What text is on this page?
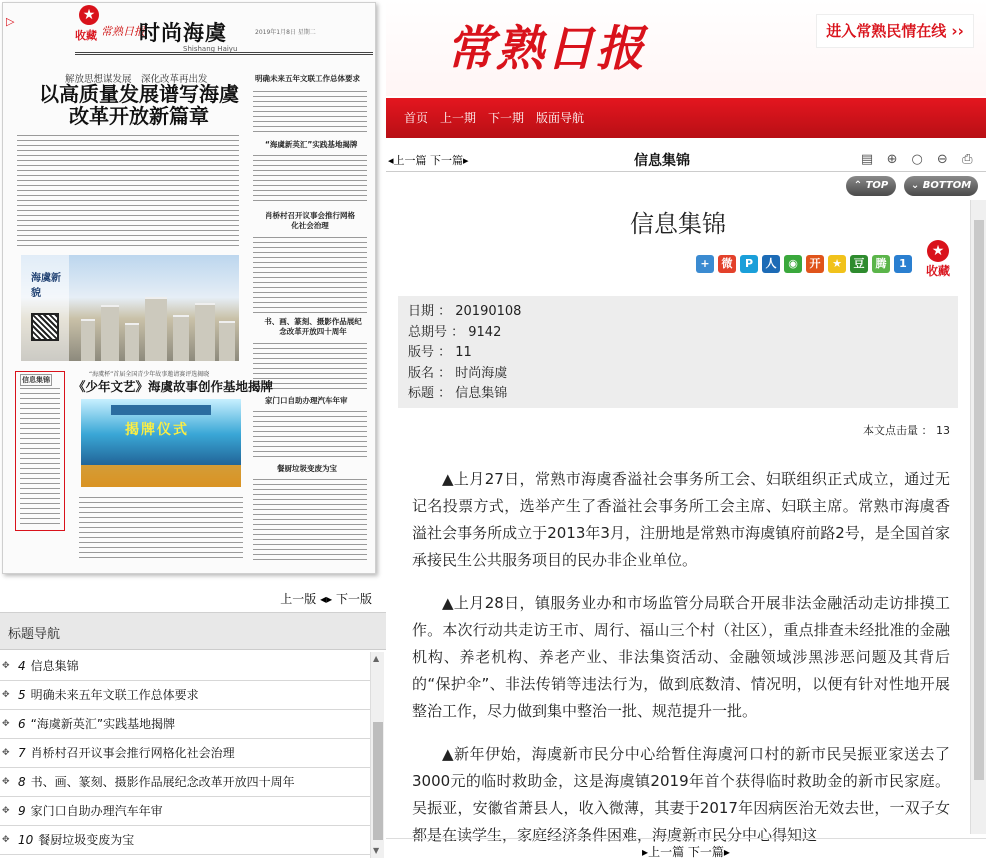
▷	★
收藏 常熟日报
时尚海虞
Shishang Haiyu
2019年1月8日 星期二
解放思想谋发展　深化改革再出发
以高质量发展谱写海虞改革开放新篇章
明确未来五年文联工作总体要求
“海虞新英汇”实践基地揭牌
肖桥村召开议事会推行网格化社会治理
书、画、篆刻、摄影作品展纪念改革开放四十周年
家门口自助办理汽车年审
餐厨垃圾变废为宝
海虞新貌
信息集锦
“海虞杯”首届全国青少年故事邀请赛评选揭晓
《少年文艺》海虞故事创作基地揭牌
揭牌仪式
上一版 ◂▸ 下一版
标题导航
✥ 4 信息集锦
✥ 5 明确未来五年文联工作总体要求
✥ 6 “海虞新英汇”实践基地揭牌
✥ 7 肖桥村召开议事会推行网格化社会治理
✥ 8 书、画、篆刻、摄影作品展纪念改革开放四十周年
✥ 9 家门口自助办理汽车年审
✥ 10 餐厨垃圾变废为宝
▲
▼
常熟日报	进入常熟民情在线 ››
首页 上一期 下一期 版面导航
◂上一篇 下一篇▸	信息集锦	▤ ⊕ ○ ⊖ ⎙
⌃ TOP	⌄ BOTTOM
信息集锦
+ 微 P 人 ◉ 开 ★ 豆 腾 1
★
收藏
日期 ： 20190108
总期号 ： 9142
版号 ： 11
版名 ： 时尚海虞
标题 ： 信息集锦
本文点击量 ： 13

▲上月27日，常熟市海虞香溢社会事务所工会、妇联组织正式成立，通过无记名投票方式，选举产生了香溢社会事务所工会主席、妇联主席。常熟市海虞香溢社会事务所成立于2013年3月，注册地是常熟市海虞镇府前路2号，是全国首家承接民生公共服务项目的民办非企业单位。

▲上月28日，镇服务业办和市场监管分局联合开展非法金融活动走访排摸工作。本次行动共走访王市、周行、福山三个村（社区），重点排查未经批准的金融机构、养老机构、养老产业、非法集资活动、金融领域涉黑涉恶问题及其背后的“保护伞”、非法传销等违法行为，做到底数清、情况明，以便有针对性地开展整治工作，尽力做到集中整治一批、规范提升一批。

▲新年伊始，海虞新市民分中心给暂住海虞河口村的新市民吴振亚家送去了3000元的临时救助金，这是海虞镇2019年首个获得临时救助金的新市民家庭。吴振亚，安徽省萧县人，收入微薄，其妻于2017年因病医治无效去世，一双子女都是在读学生，家庭经济条件困难，海虞新市民分中心得知这

▸上一篇 下一篇▸
